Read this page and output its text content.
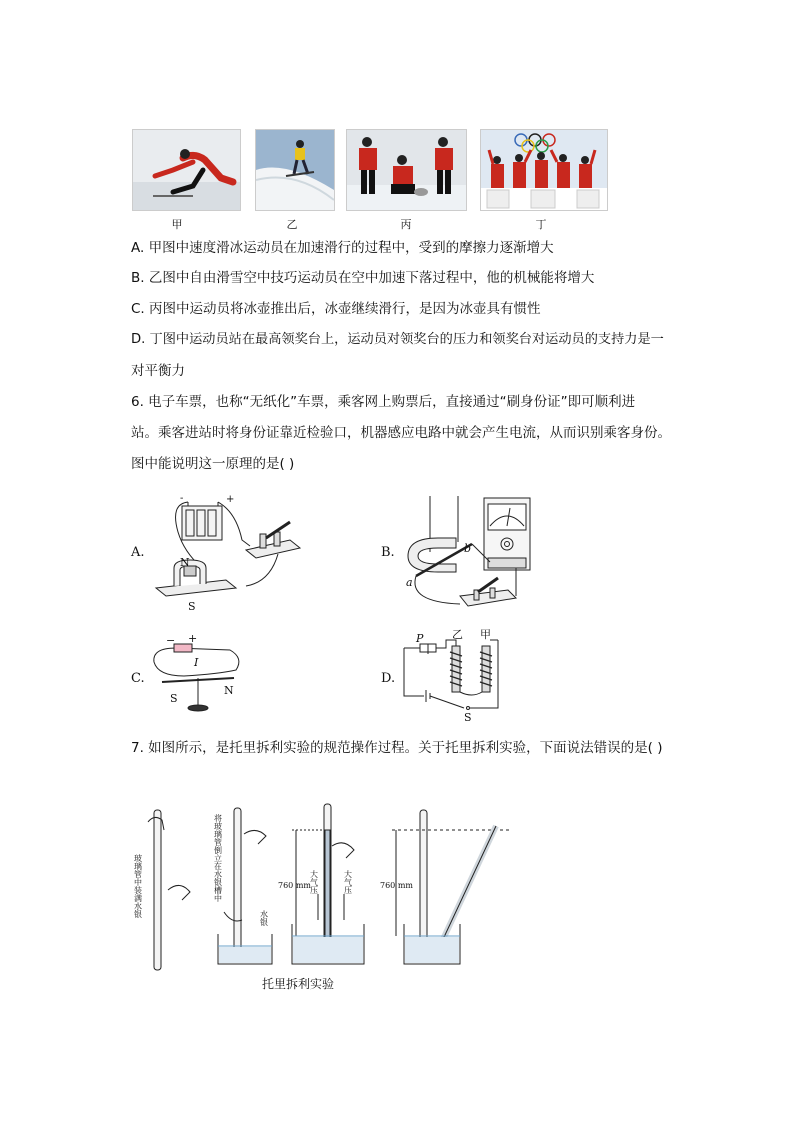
甲	乙	丙	丁
A. 甲图中速度滑冰运动员在加速滑行的过程中，受到的摩擦力逐渐增大
B. 乙图中自由滑雪空中技巧运动员在空中加速下落过程中，他的机械能将增大
C. 丙图中运动员将冰壶推出后，冰壶继续滑行，是因为冰壶具有惯性
D. 丁图中运动员站在最高领奖台上，运动员对领奖台的压力和领奖台对运动员的支持力是一
对平衡力
6. 电子车票，也称“无纸化”车票，乘客网上购票后，直接通过“刷身份证”即可顺利进
站。乘客进站时将身份证靠近检验口，机器感应电路中就会产生电流，从而识别乘客身份。
图中能说明这一原理的是( )
A.	B.
C.	D.
+
-
N
S
a
b
− +
I
S
N
P	乙 甲
S
7. 如图所示，是托里拆利实验的规范操作过程。关于托里拆利实验，下面说法错误的是( )
玻璃管中装满水银	将玻璃管倒立在水银槽中
水银
760 mm
大气压	大气压	760 mm
托里拆利实验
